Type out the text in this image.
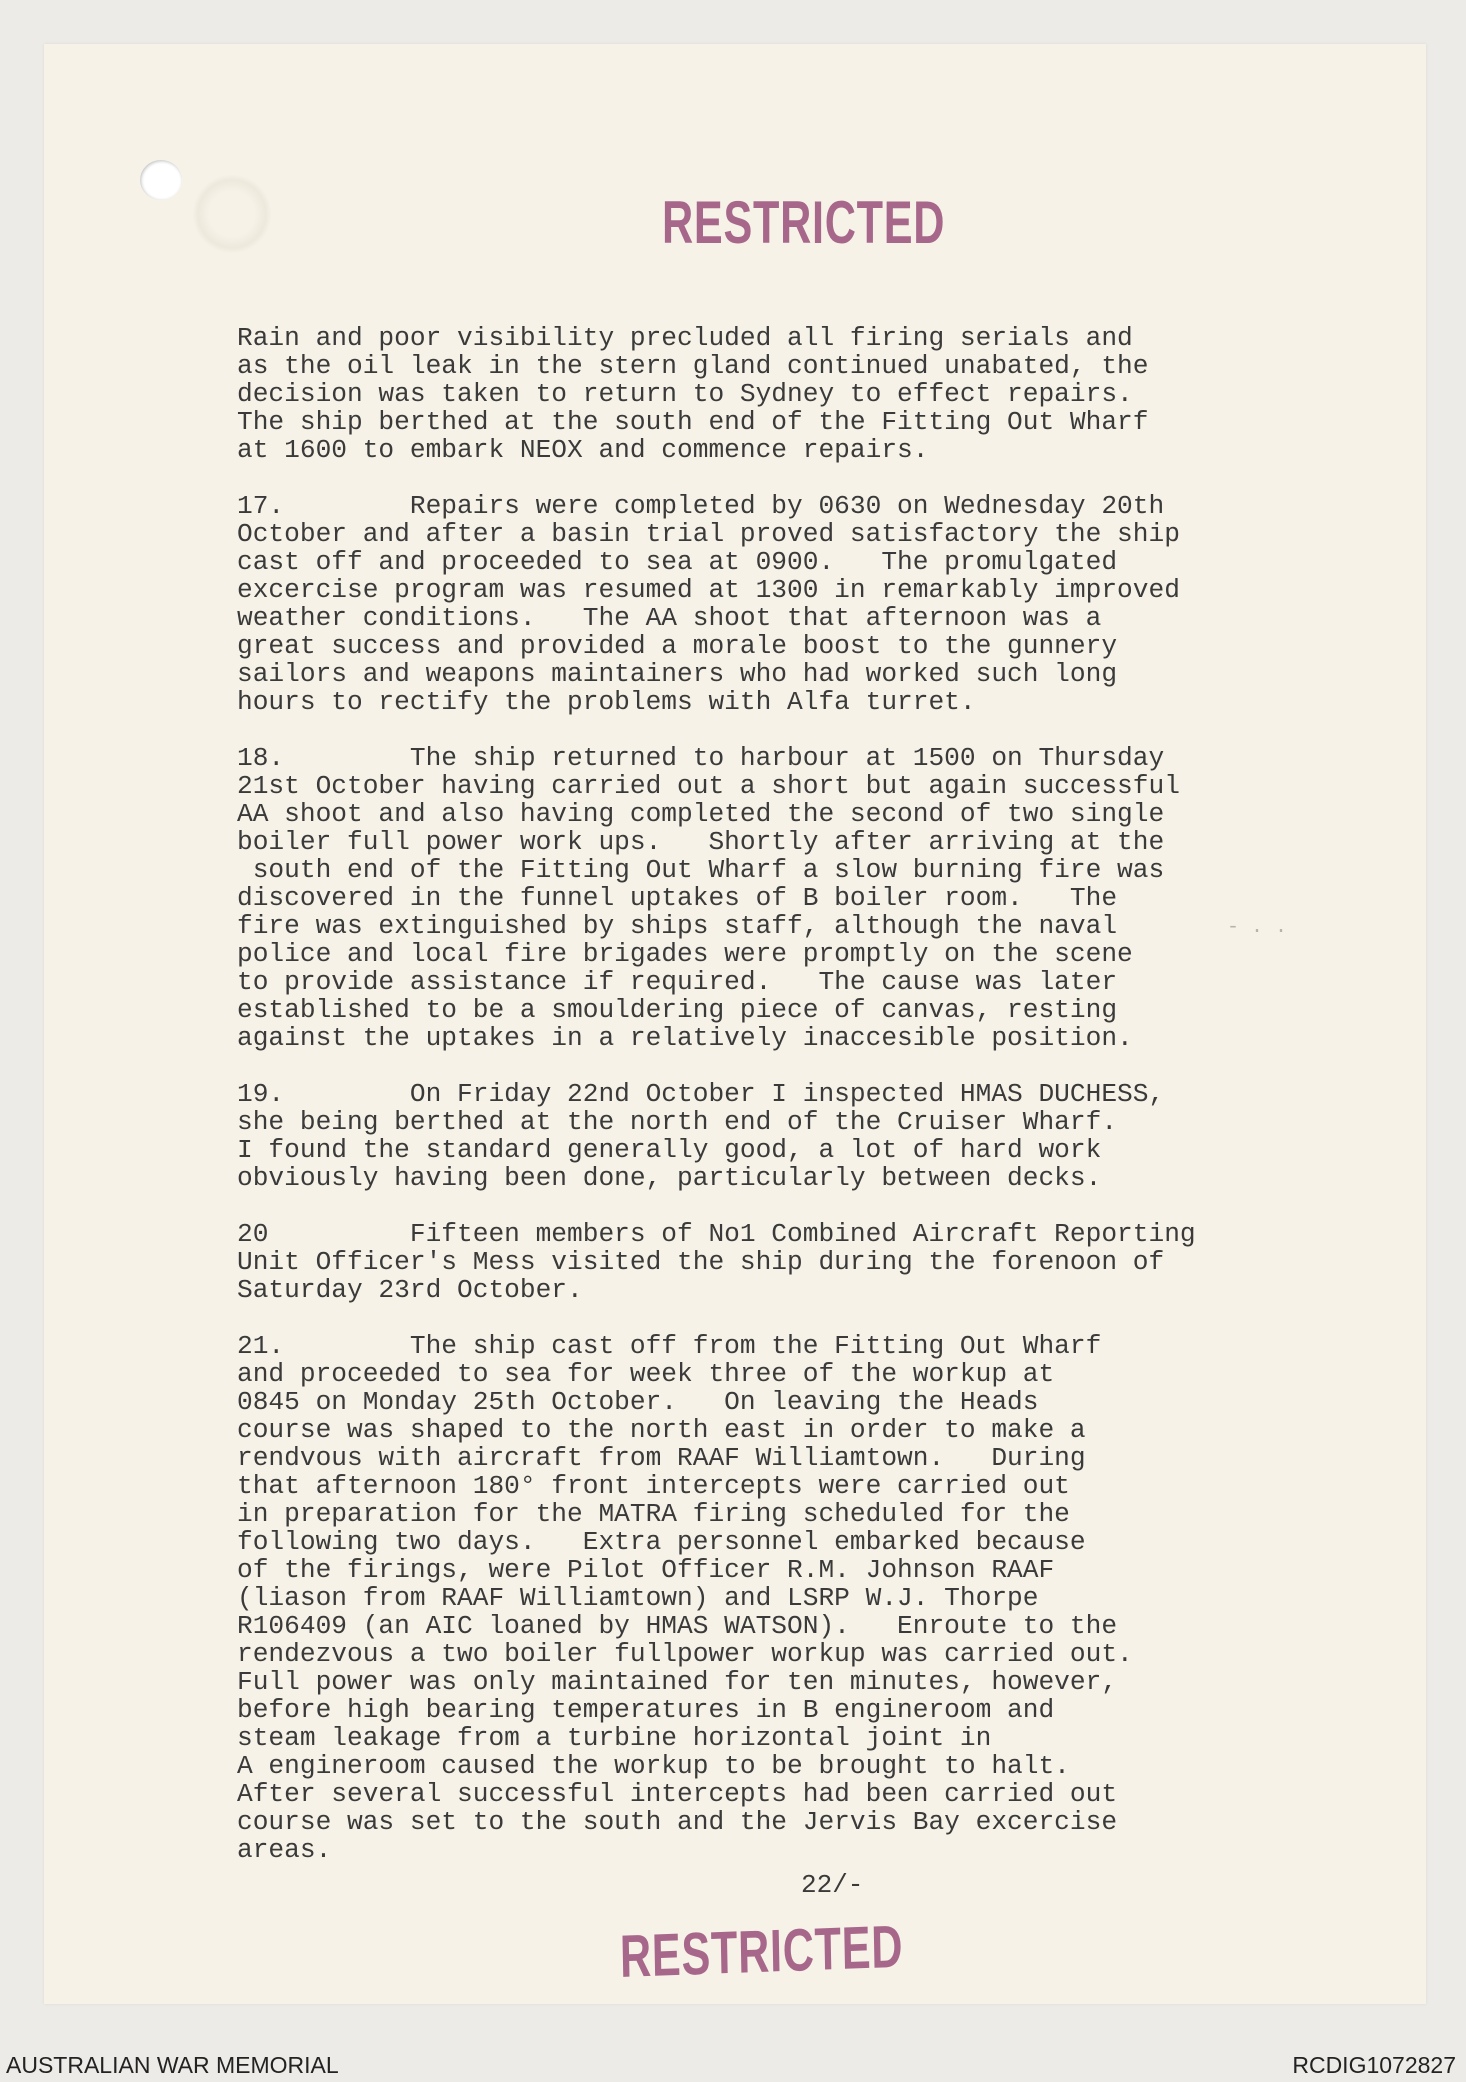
RESTRICTED
Rain and poor visibility precluded all firing serials and
as the oil leak in the stern gland continued unabated, the
decision was taken to return to Sydney to effect repairs.
The ship berthed at the south end of the Fitting Out Wharf
at 1600 to embark NEOX and commence repairs.
17.        Repairs were completed by 0630 on Wednesday 20th
October and after a basin trial proved satisfactory the ship
cast off and proceeded to sea at 0900.   The promulgated
excercise program was resumed at 1300 in remarkably improved
weather conditions.   The AA shoot that afternoon was a
great success and provided a morale boost to the gunnery
sailors and weapons maintainers who had worked such long
hours to rectify the problems with Alfa turret.
18.        The ship returned to harbour at 1500 on Thursday
21st October having carried out a short but again successful
AA shoot and also having completed the second of two single
boiler full power work ups.   Shortly after arriving at the
south end of the Fitting Out Wharf a slow burning fire was
discovered in the funnel uptakes of B boiler room.   The
fire was extinguished by ships staff, although the naval
police and local fire brigades were promptly on the scene
to provide assistance if required.   The cause was later
established to be a smouldering piece of canvas, resting
against the uptakes in a relatively inaccesible position.
19.        On Friday 22nd October I inspected HMAS DUCHESS,
she being berthed at the north end of the Cruiser Wharf.
I found the standard generally good, a lot of hard work
obviously having been done, particularly between decks.
20         Fifteen members of No1 Combined Aircraft Reporting
Unit Officer's Mess visited the ship during the forenoon of
Saturday 23rd October.
21.        The ship cast off from the Fitting Out Wharf
and proceeded to sea for week three of the workup at
0845 on Monday 25th October.   On leaving the Heads
course was shaped to the north east in order to make a
rendvous with aircraft from RAAF Williamtown.   During
that afternoon 180° front intercepts were carried out
in preparation for the MATRA firing scheduled for the
following two days.   Extra personnel embarked because
of the firings, were Pilot Officer R.M. Johnson RAAF
(liason from RAAF Williamtown) and LSRP W.J. Thorpe
R106409 (an AIC loaned by HMAS WATSON).   Enroute to the
rendezvous a two boiler fullpower workup was carried out.
Full power was only maintained for ten minutes, however,
before high bearing temperatures in B engineroom and
steam leakage from a turbine horizontal joint in
A engineroom caused the workup to be brought to halt.
After several successful intercepts had been carried out
course was set to the south and the Jervis Bay excercise
areas.
- . .
22/-
RESTRICTED
AUSTRALIAN WAR MEMORIAL	RCDIG1072827
